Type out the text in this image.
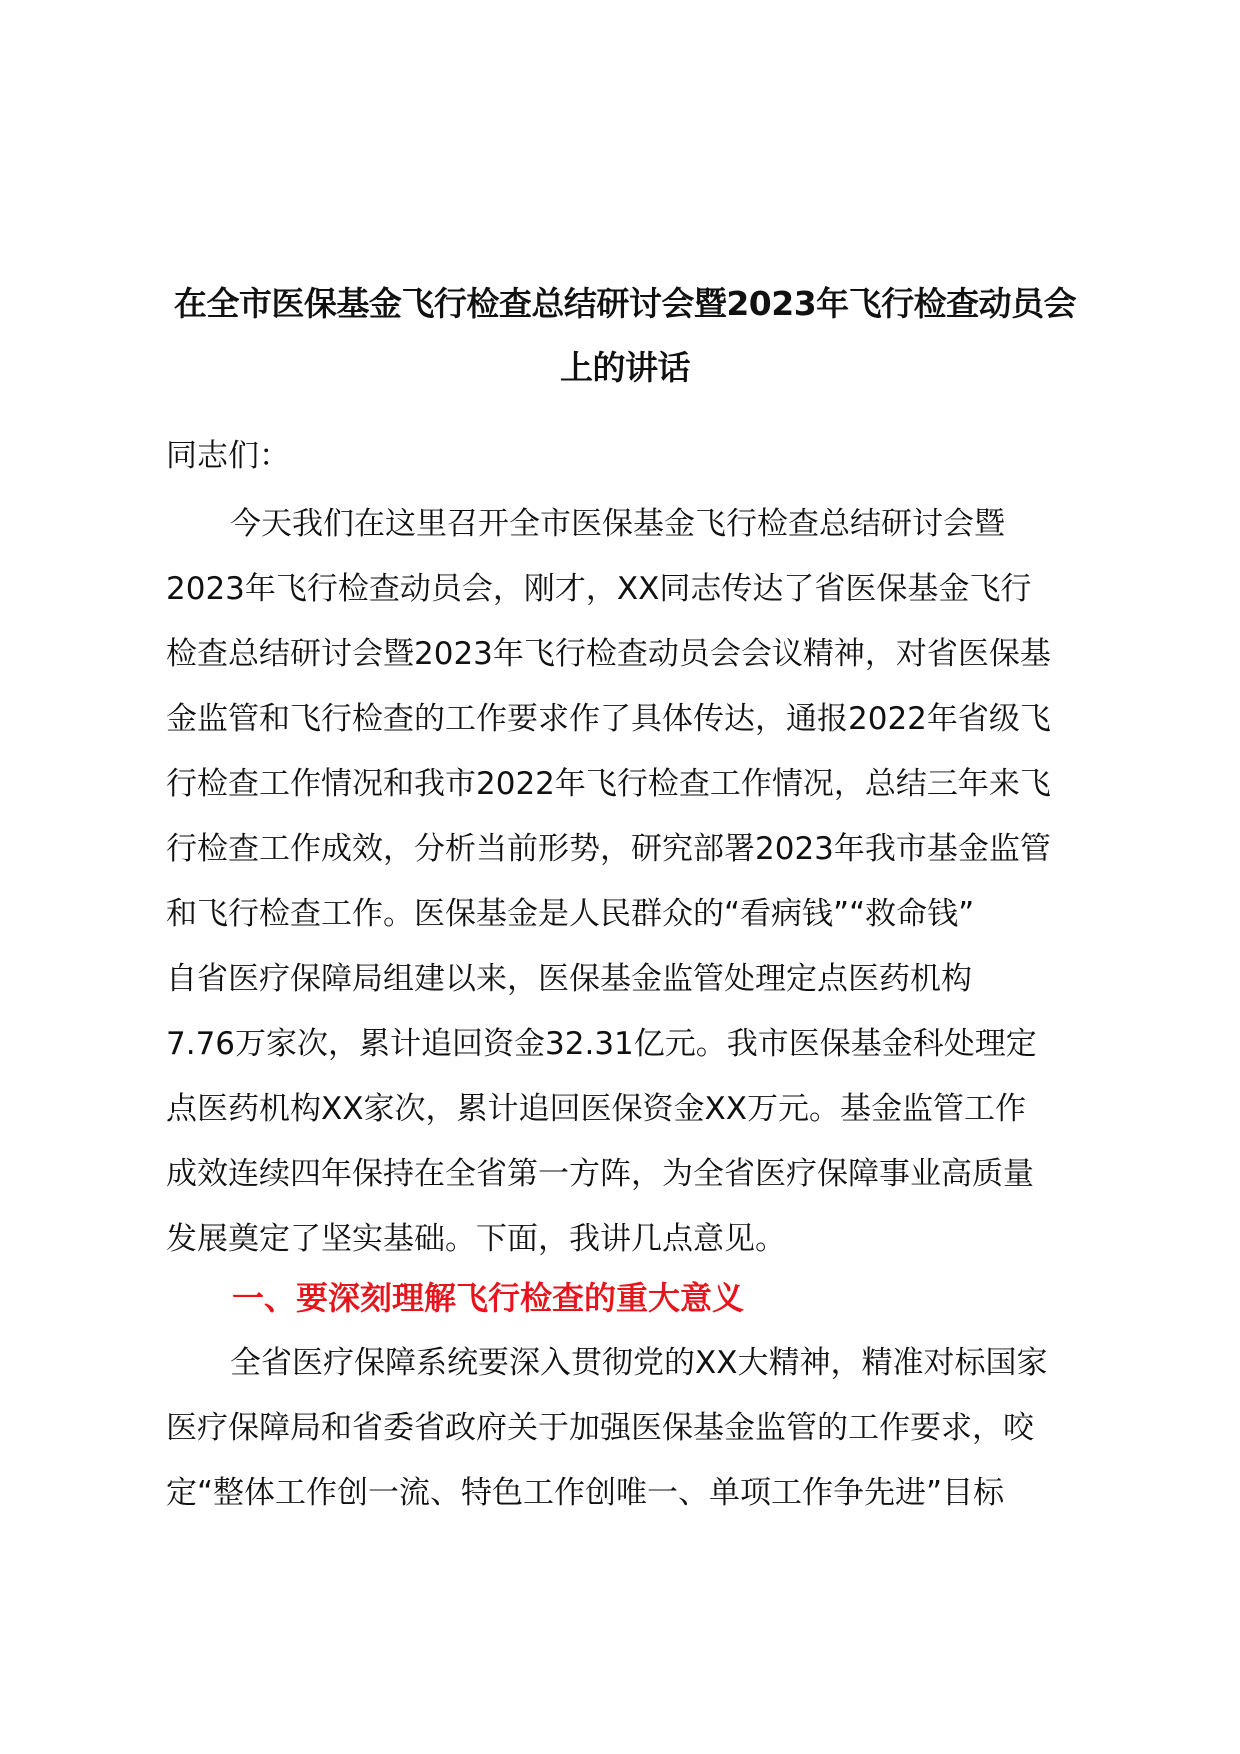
在全市医保基金飞行检查总结研讨会暨2023年飞行检查动员会
上的讲话
同志们：
今天我们在这里召开全市医保基金飞行检查总结研讨会暨
2023年飞行检查动员会，刚才，XX同志传达了省医保基金飞行
检查总结研讨会暨2023年飞行检查动员会会议精神，对省医保基
金监管和飞行检查的工作要求作了具体传达，通报2022年省级飞
行检查工作情况和我市2022年飞行检查工作情况，总结三年来飞
行检查工作成效，分析当前形势，研究部署2023年我市基金监管
和飞行检查工作。医保基金是人民群众的“看病钱”“救命钱”
自省医疗保障局组建以来，医保基金监管处理定点医药机构
7.76万家次，累计追回资金32.31亿元。我市医保基金科处理定
点医药机构XX家次，累计追回医保资金XX万元。基金监管工作
成效连续四年保持在全省第一方阵，为全省医疗保障事业高质量
发展奠定了坚实基础。下面，我讲几点意见。
一、要深刻理解飞行检查的重大意义
全省医疗保障系统要深入贯彻党的XX大精神，精准对标国家
医疗保障局和省委省政府关于加强医保基金监管的工作要求，咬
定“整体工作创一流、特色工作创唯一、单项工作争先进”目标
